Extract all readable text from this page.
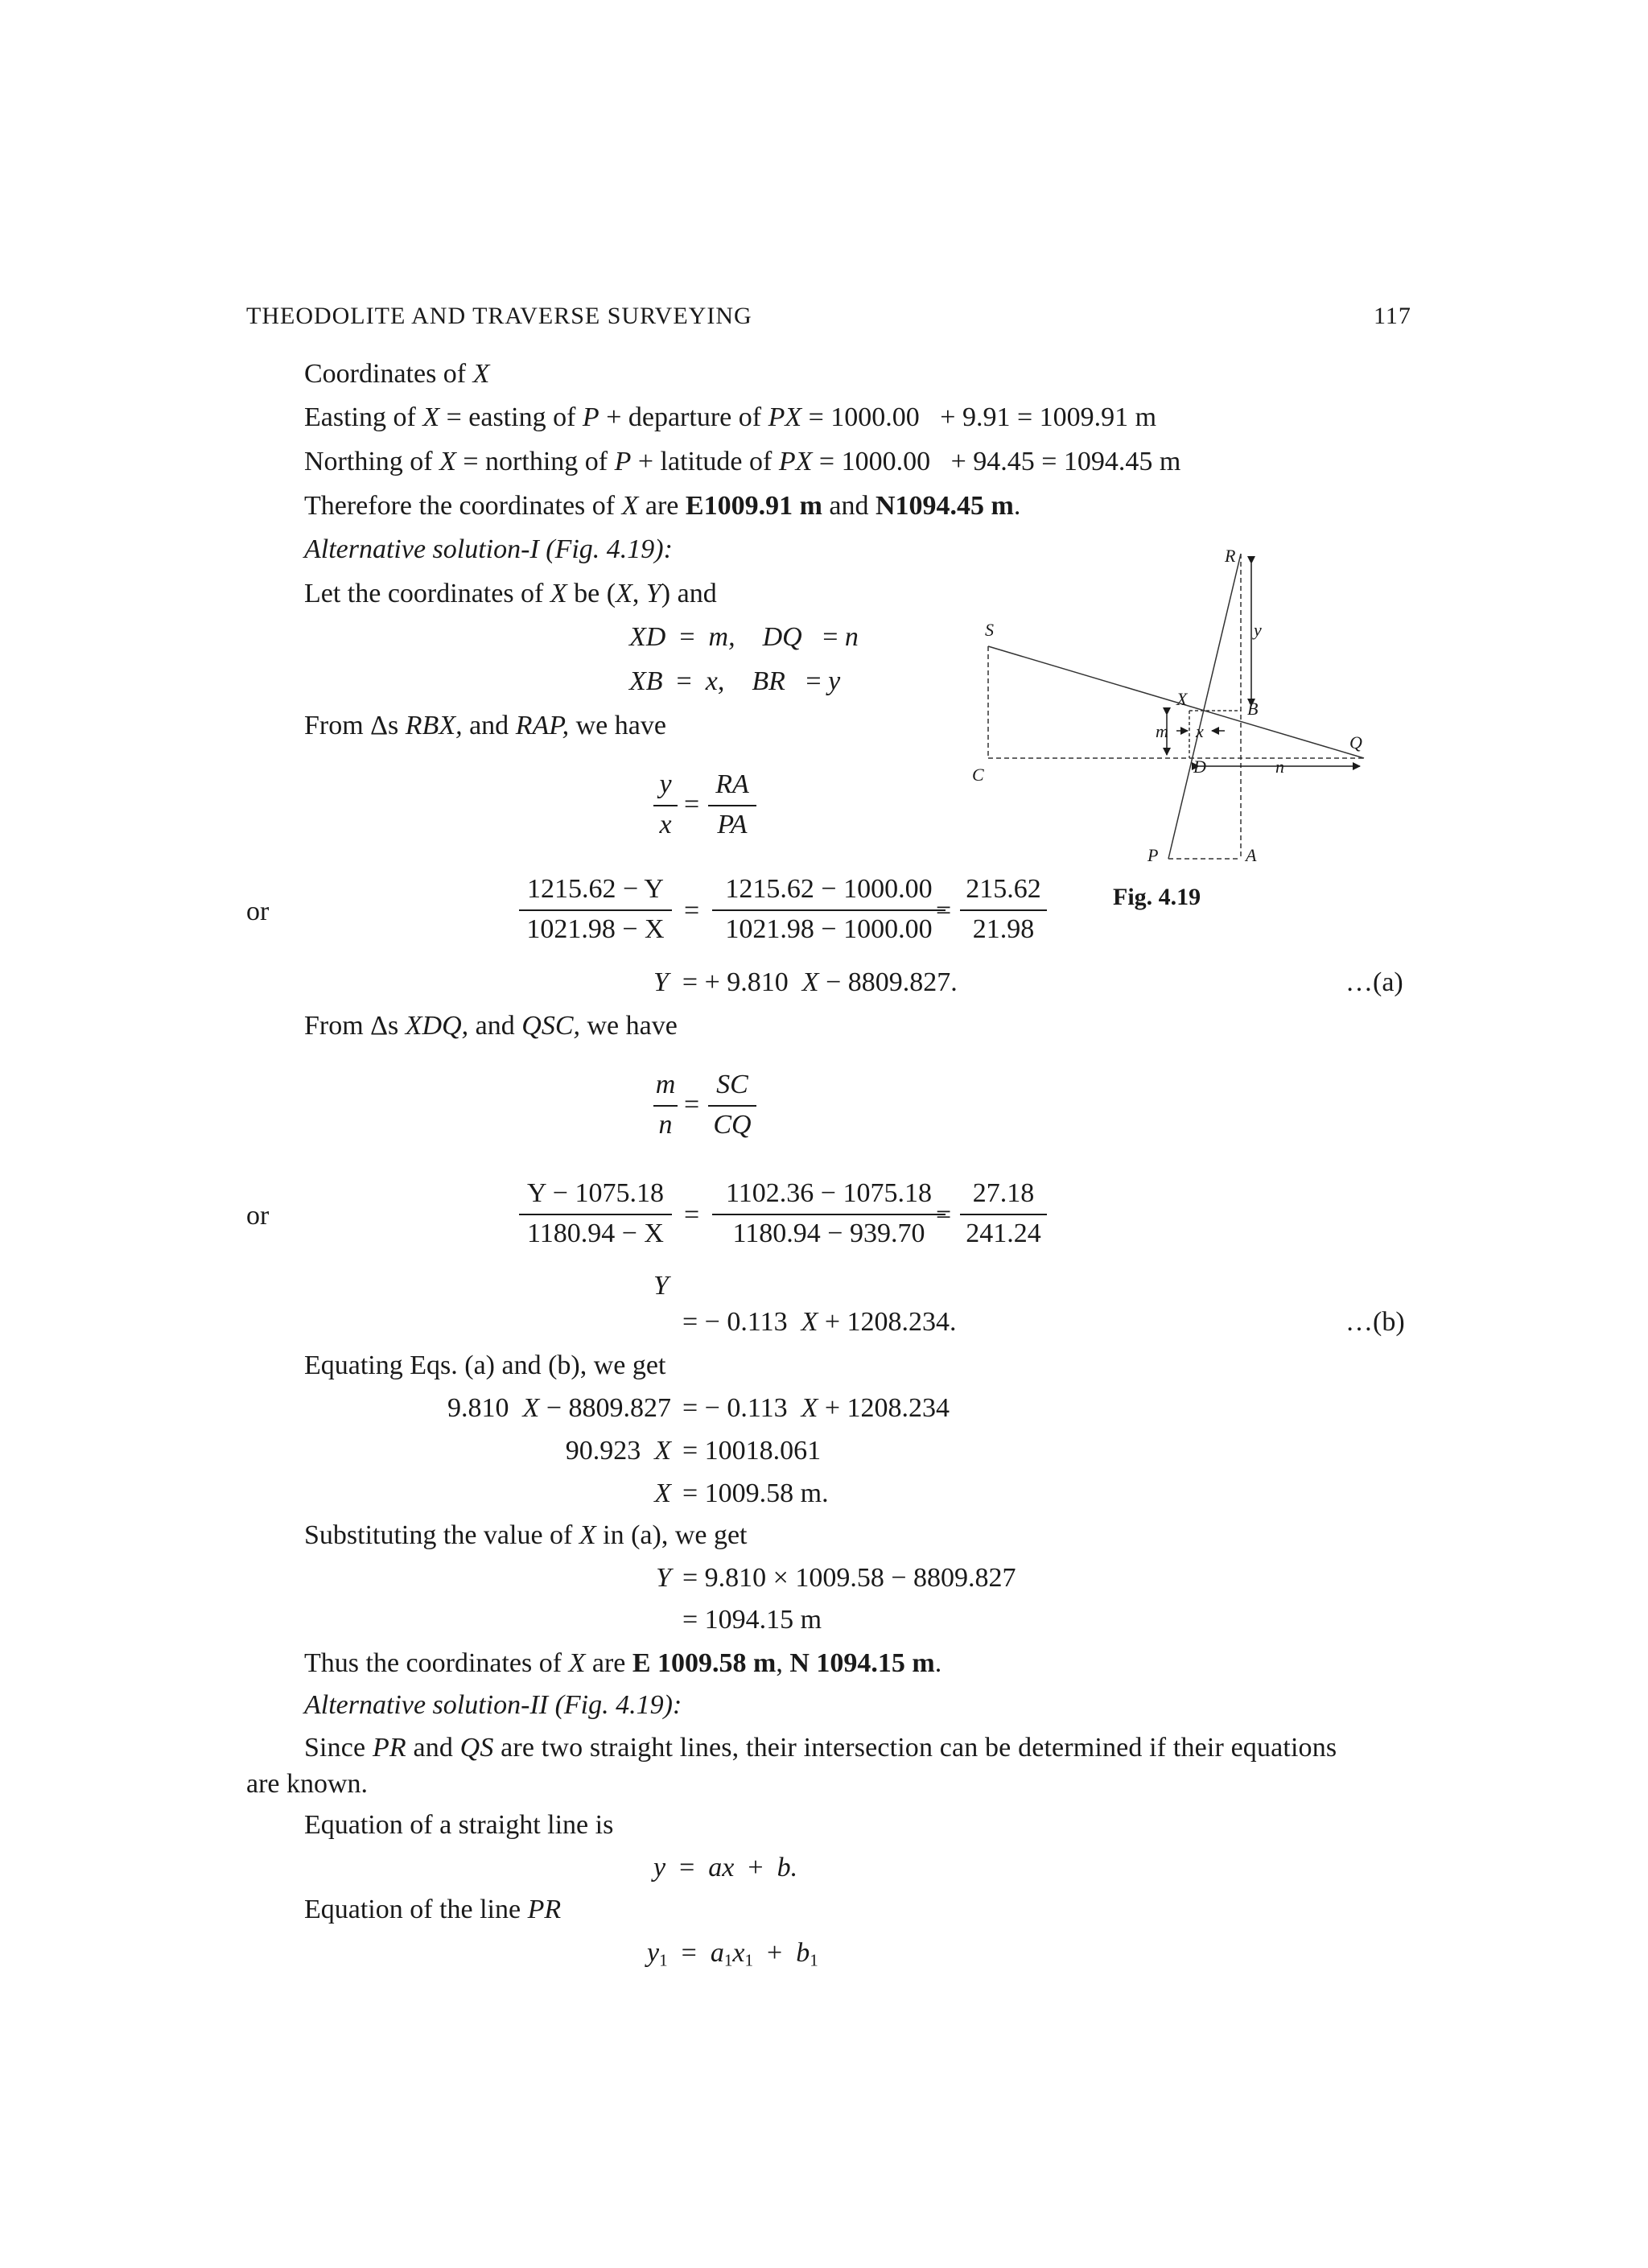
THEODOLITE AND TRAVERSE SURVEYING	117
Coordinates of X
Easting of X = easting of P + departure of PX = 1000.00 + 9.91 = 1009.91 m
Northing of X = northing of P + latitude of PX = 1000.00 + 94.45 = 1094.45 m
Therefore the coordinates of X are E1009.91 m and N1094.45 m.
Alternative solution-I (Fig. 4.19):
Let the coordinates of X be (X, Y) and
XD = m, DQ = n
XB = x, BR = y
From Δs RBX, and RAP, we have
y
x
=
RA
PA
or
1215.62 − Y
1021.98 − X
=
1215.62 − 1000.00
1021.98 − 1000.00
=
215.62
21.98
Y = + 9.810 X − 8809.827.	…(a)
From Δs XDQ, and QSC, we have
m
n
=
SC
CQ
or
Y − 1075.18
1180.94 − X
=
1102.36 − 1075.18
1180.94 − 939.70
=
27.18
241.24
Y
= − 0.113 X + 1208.234.	…(b)
Equating Eqs. (a) and (b), we get
9.810 X − 8809.827 = − 0.113 X + 1208.234
90.923 X = 10018.061
X = 1009.58 m.
Substituting the value of X in (a), we get
Y = 9.810 × 1009.58 − 8809.827
= 1094.15 m
Thus the coordinates of X are E 1009.58 m, N 1094.15 m.
Alternative solution-II (Fig. 4.19):
Since PR and QS are two straight lines, their intersection can be determined if their equations
are known.
Equation of a straight line is
y = ax + b.
Equation of the line PR
$y_1 = a_1x_1 + b_1$
R
S	y
X	B
Q
m x
C	D	n
P	A
Fig. 4.19
